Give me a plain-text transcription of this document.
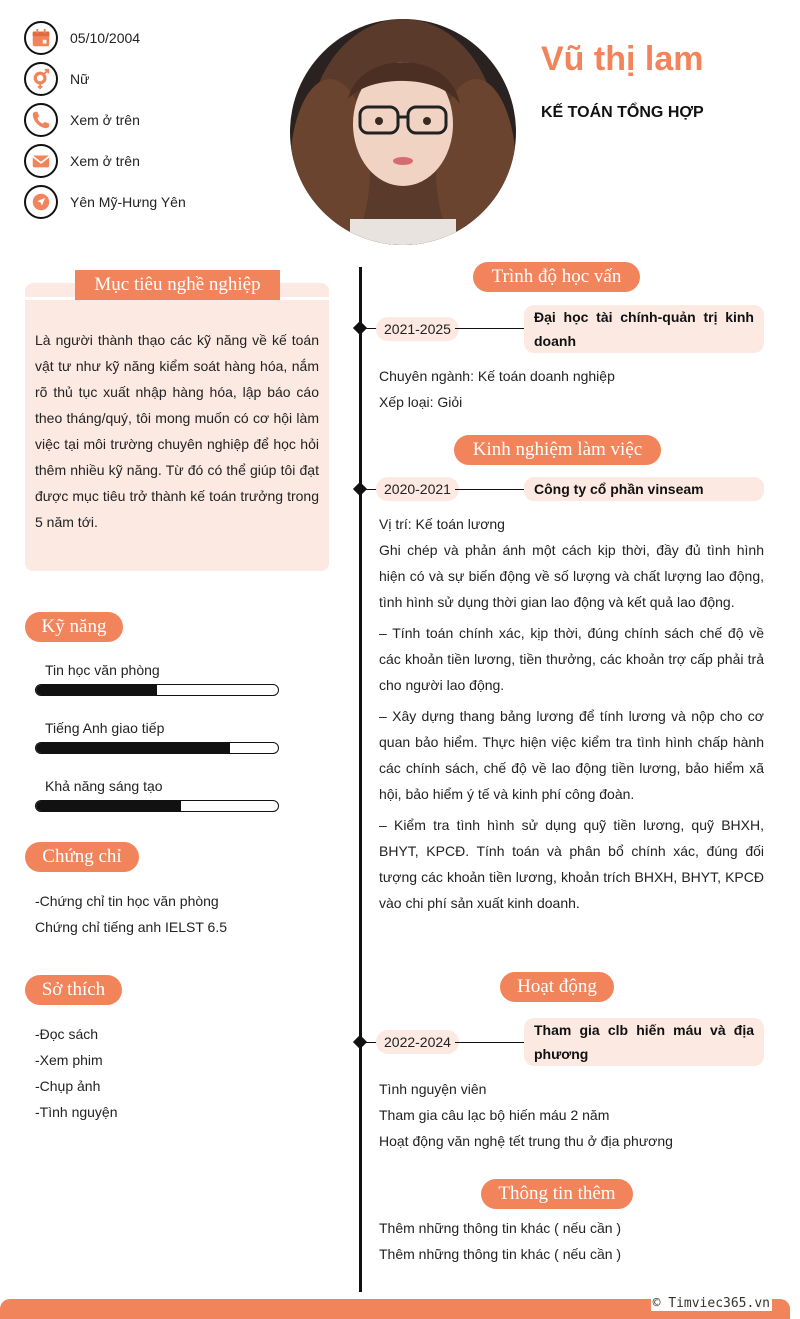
05/10/2004
Nữ
Xem ở trên
Xem ở trên
Yên Mỹ-Hưng Yên
Vũ thị lam
KẾ TOÁN TỔNG HỢP
Mục tiêu nghề nghiệp
Là người thành thạo các kỹ năng về kế toán vật tư như kỹ năng kiểm soát hàng hóa, nắm rõ thủ tục xuất nhập hàng hóa, lập báo cáo theo tháng/quý, tôi mong muốn có cơ hội làm việc tại môi trường chuyên nghiệp để học hỏi thêm nhiều kỹ năng. Từ đó có thể giúp tôi đạt được mục tiêu trở thành kế toán trưởng trong 5 năm tới.
Kỹ năng
Tin học văn phòng
Tiếng Anh giao tiếp
Khả năng sáng tạo
Chứng chỉ
-Chứng chỉ tin học văn phòng
Chứng chỉ tiếng anh IELST 6.5
Sở thích
-Đọc sách
-Xem phim
-Chụp ảnh
-Tình nguyện
Trình độ học vấn
2021-2025
Đại học tài chính-quản trị kinh doanh
Chuyên ngành: Kế toán doanh nghiệp
Xếp loại: Giỏi
Kinh nghiệm làm việc
2020-2021	Công ty cổ phần vinseam
Vị trí: Kế toán lương

Ghi chép và phản ánh một cách kịp thời, đầy đủ tình hình hiện có và sự biến động về số lượng và chất lượng lao động, tình hình sử dụng thời gian lao động và kết quả lao động.

– Tính toán chính xác, kịp thời, đúng chính sách chế độ về các khoản tiền lương, tiền thưởng, các khoản trợ cấp phải trả cho người lao động.

– Xây dựng thang bảng lương để tính lương và nộp cho cơ quan bảo hiểm. Thực hiện việc kiểm tra tình hình chấp hành các chính sách, chế độ về lao động tiền lương, bảo hiểm xã hội, bảo hiểm ý tế và kinh phí công đoàn.

– Kiểm tra tình hình sử dụng quỹ tiền lương, quỹ BHXH, BHYT, KPCĐ. Tính toán và phân bổ chính xác, đúng đối tượng các khoản tiền lương, khoản trích BHXH, BHYT, KPCĐ vào chi phí sản xuất kinh doanh.

Hoạt động
2022-2024
Tham gia clb hiến máu và địa phương
Tình nguyện viên
Tham gia câu lạc bộ hiến máu 2 năm
Hoạt động văn nghệ tết trung thu ở địa phương
Thông tin thêm
Thêm những thông tin khác ( nếu cần )
Thêm những thông tin khác ( nếu cần )
© Timviec365.vn
